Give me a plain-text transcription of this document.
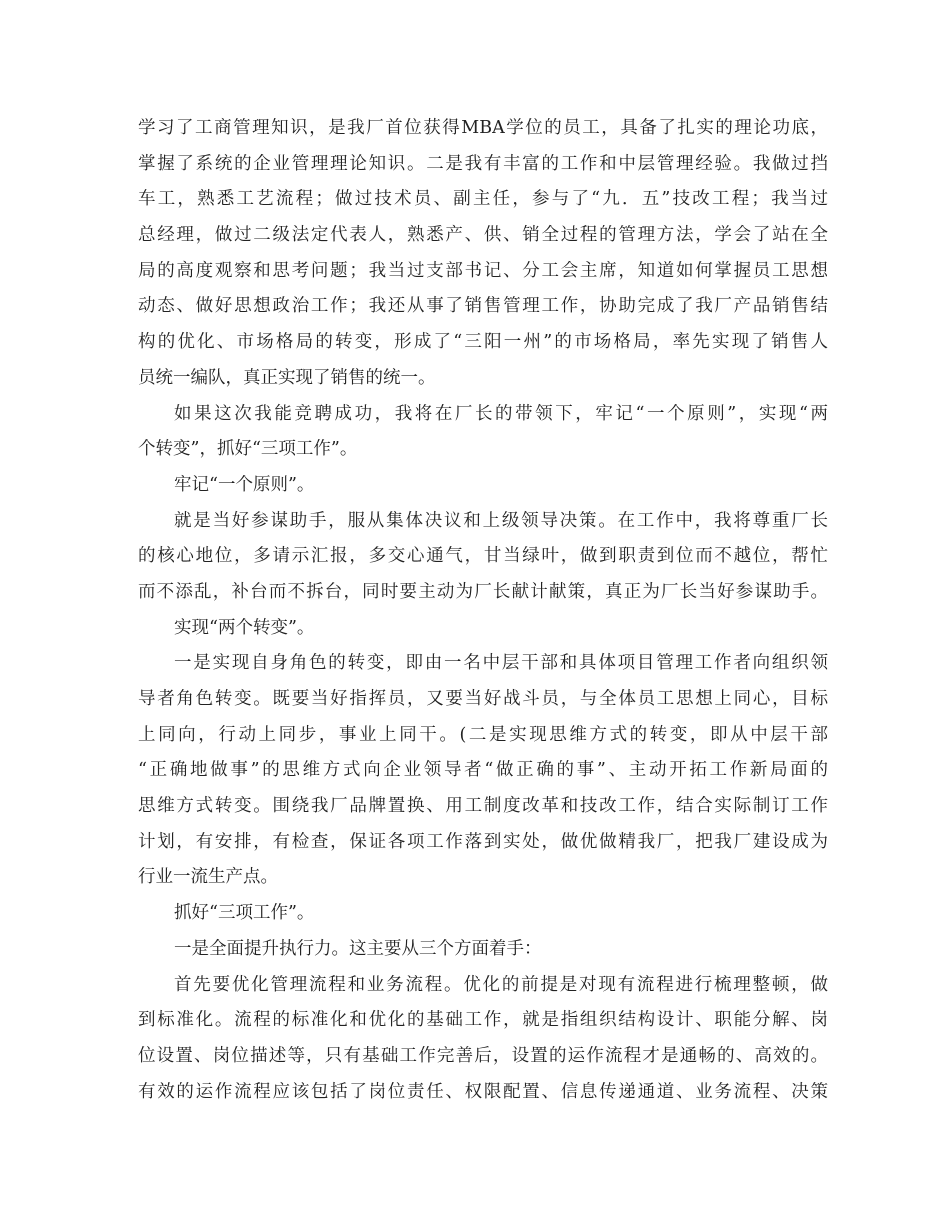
学习了工商管理知识，是我厂首位获得MBA学位的员工，具备了扎实的理论功底，
掌握了系统的企业管理理论知识。二是我有丰富的工作和中层管理经验。我做过挡
车工，熟悉工艺流程；做过技术员、副主任，参与了“九．五”技改工程；我当过
总经理，做过二级法定代表人，熟悉产、供、销全过程的管理方法，学会了站在全
局的高度观察和思考问题；我当过支部书记、分工会主席，知道如何掌握员工思想
动态、做好思想政治工作；我还从事了销售管理工作，协助完成了我厂产品销售结
构的优化、市场格局的转变，形成了“三阳一州”的市场格局，率先实现了销售人
员统一编队，真正实现了销售的统一。
如果这次我能竞聘成功，我将在厂长的带领下，牢记“一个原则”，实现“两
个转变”，抓好“三项工作”。
牢记“一个原则”。
就是当好参谋助手，服从集体决议和上级领导决策。在工作中，我将尊重厂长
的核心地位，多请示汇报，多交心通气，甘当绿叶，做到职责到位而不越位，帮忙
而不添乱，补台而不拆台，同时要主动为厂长献计献策，真正为厂长当好参谋助手。
实现“两个转变”。
一是实现自身角色的转变，即由一名中层干部和具体项目管理工作者向组织领
导者角色转变。既要当好指挥员，又要当好战斗员，与全体员工思想上同心，目标
上同向，行动上同步，事业上同干。(二是实现思维方式的转变，即从中层干部
“正确地做事”的思维方式向企业领导者“做正确的事”、主动开拓工作新局面的
思维方式转变。围绕我厂品牌置换、用工制度改革和技改工作，结合实际制订工作
计划，有安排，有检查，保证各项工作落到实处，做优做精我厂，把我厂建设成为
行业一流生产点。
抓好“三项工作”。
一是全面提升执行力。这主要从三个方面着手：
首先要优化管理流程和业务流程。优化的前提是对现有流程进行梳理整顿，做
到标准化。流程的标准化和优化的基础工作，就是指组织结构设计、职能分解、岗
位设置、岗位描述等，只有基础工作完善后，设置的运作流程才是通畅的、高效的。
有效的运作流程应该包括了岗位责任、权限配置、信息传递通道、业务流程、决策
